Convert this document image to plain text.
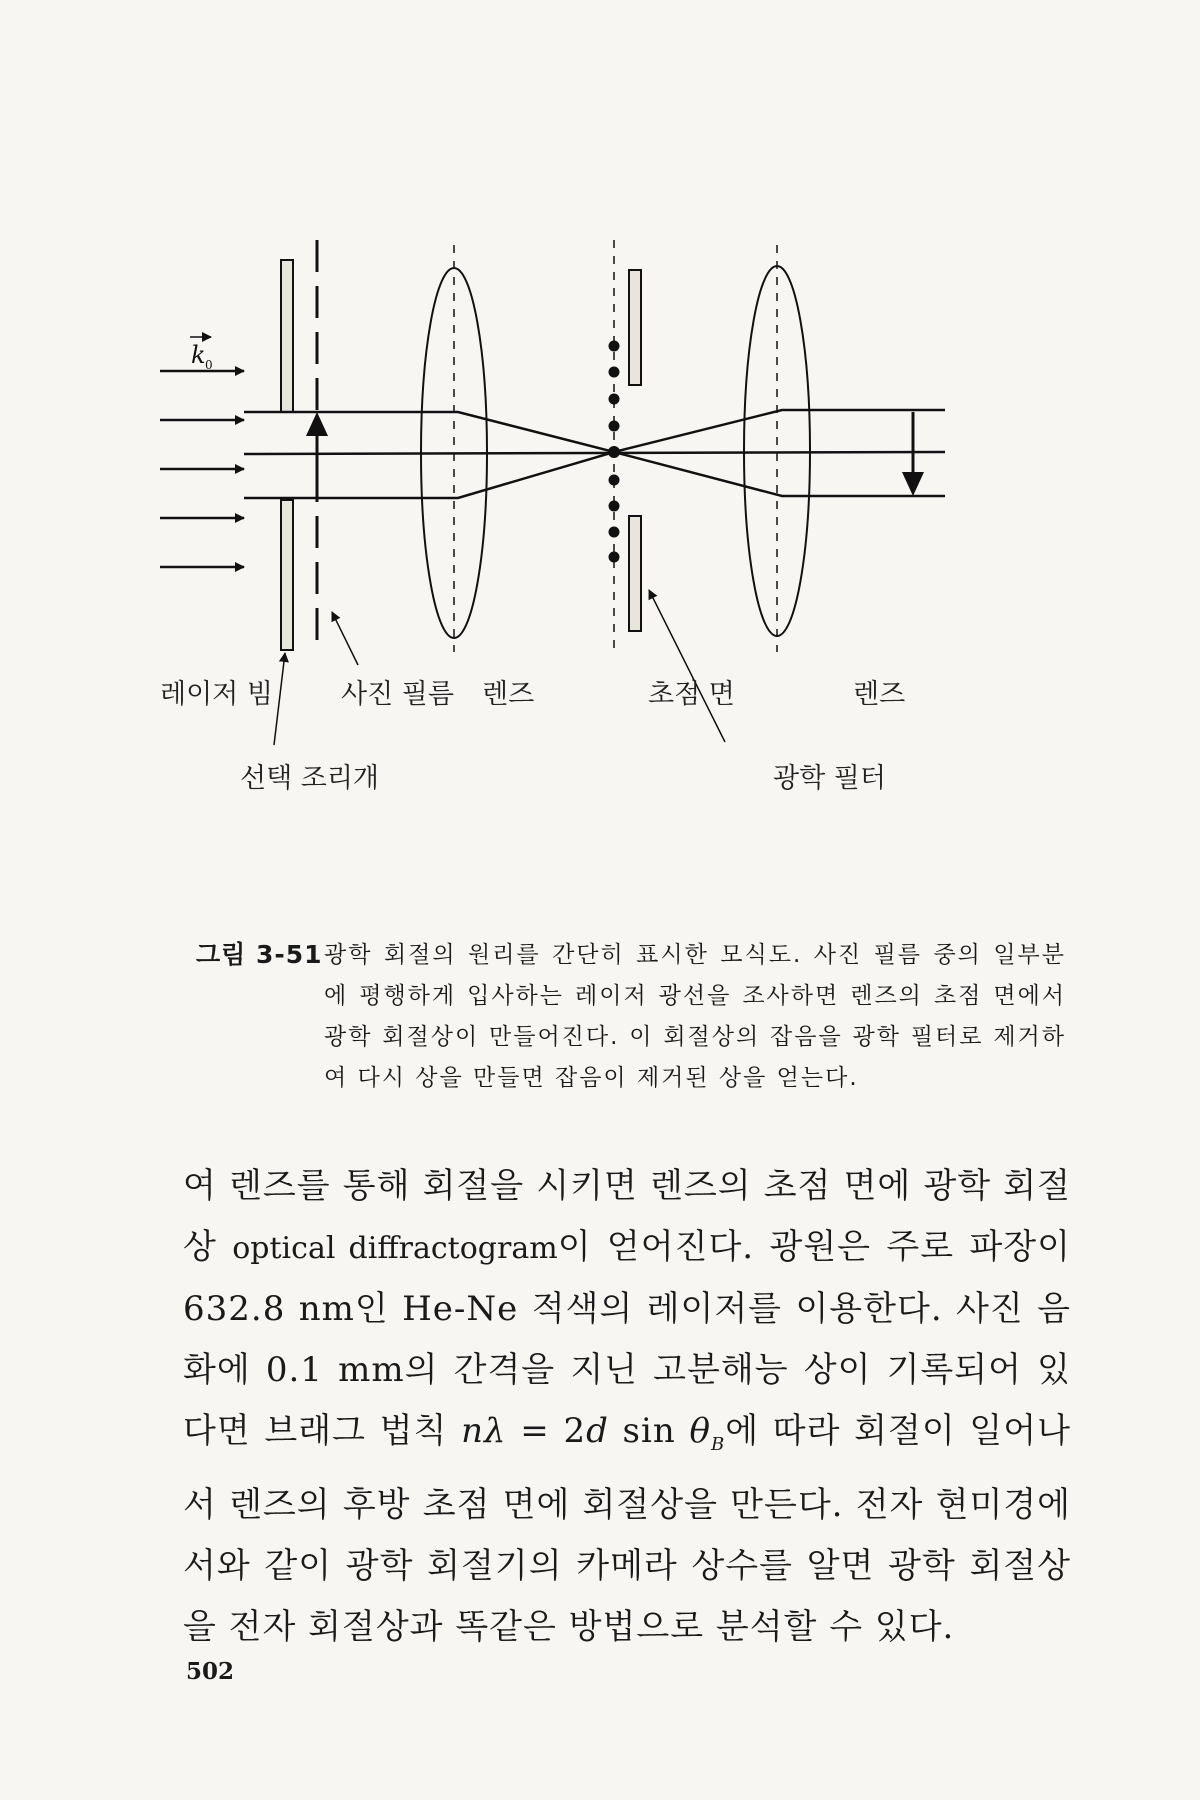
k 0
레이저 빔	사진 필름 렌즈	초점 면	렌즈
선택 조리개	광학 필터
그림 3-51 광학 회절의 원리를 간단히 표시한 모식도. 사진 필름 중의 일부분에 평행하게 입사하는 레이저 광선을 조사하면 렌즈의 초점 면에서 광학 회절상이 만들어진다. 이 회절상의 잡음을 광학 필터로 제거하여 다시 상을 만들면 잡음이 제거된 상을 얻는다.
여 렌즈를 통해 회절을 시키면 렌즈의 초점 면에 광학 회절상 optical diffractogram이 얻어진다. 광원은 주로 파장이 632.8 nm인 He-Ne 적색의 레이저를 이용한다. 사진 음화에 0.1 mm의 간격을 지닌 고분해능 상이 기록되어 있다면 브래그 법칙 nλ = 2d $\sin \theta_B$에 따라 회절이 일어나서 렌즈의 후방 초점 면에 회절상을 만든다. 전자 현미경에서와 같이 광학 회절기의 카메라 상수를 알면 광학 회절상을 전자 회절상과 똑같은 방법으로 분석할 수 있다.
502
